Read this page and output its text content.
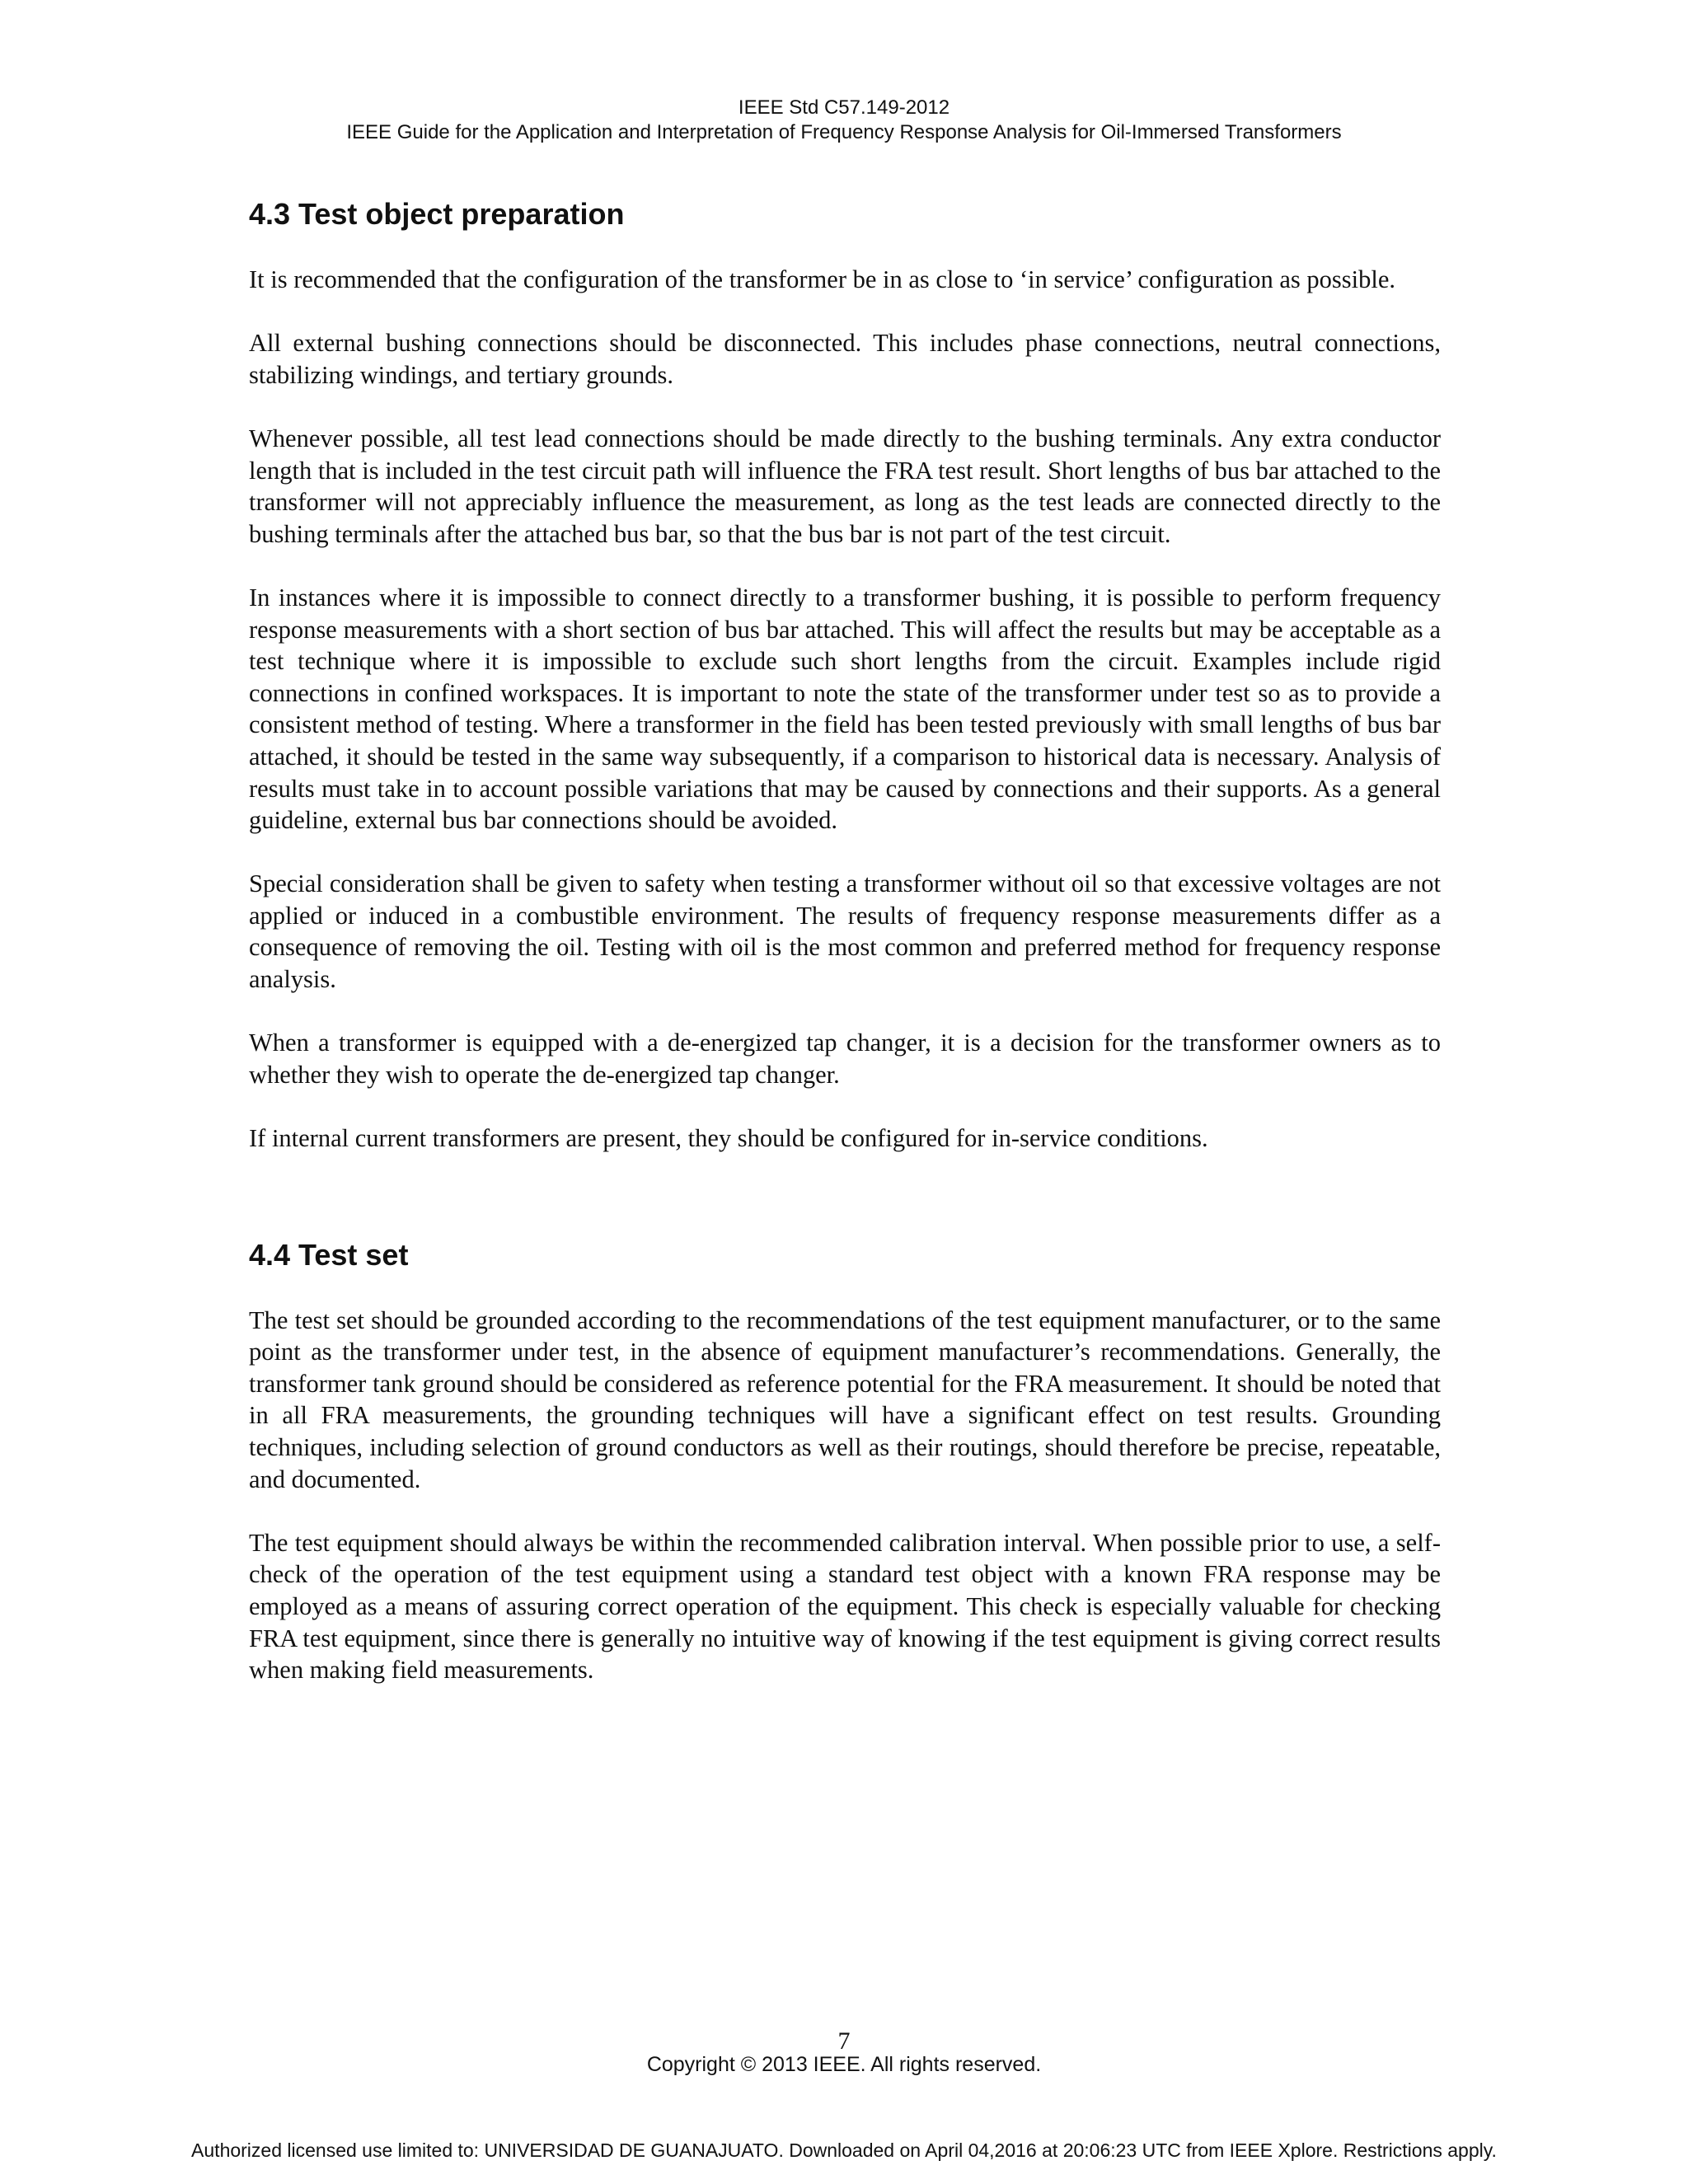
IEEE Std C57.149-2012
IEEE Guide for the Application and Interpretation of Frequency Response Analysis for Oil-Immersed Transformers
4.3 Test object preparation

It is recommended that the configuration of the transformer be in as close to ‘in service’ configuration as possible.

All external bushing connections should be disconnected. This includes phase connections, neutral connections, stabilizing windings, and tertiary grounds.

Whenever possible, all test lead connections should be made directly to the bushing terminals. Any extra conductor length that is included in the test circuit path will influence the FRA test result. Short lengths of bus bar attached to the transformer will not appreciably influence the measurement, as long as the test leads are connected directly to the bushing terminals after the attached bus bar, so that the bus bar is not part of the test circuit.

In instances where it is impossible to connect directly to a transformer bushing, it is possible to perform frequency response measurements with a short section of bus bar attached. This will affect the results but may be acceptable as a test technique where it is impossible to exclude such short lengths from the circuit. Examples include rigid connections in confined workspaces. It is important to note the state of the transformer under test so as to provide a consistent method of testing. Where a transformer in the field has been tested previously with small lengths of bus bar attached, it should be tested in the same way subsequently, if a comparison to historical data is necessary. Analysis of results must take in to account possible variations that may be caused by connections and their supports. As a general guideline, external bus bar connections should be avoided.

Special consideration shall be given to safety when testing a transformer without oil so that excessive voltages are not applied or induced in a combustible environment. The results of frequency response measurements differ as a consequence of removing the oil. Testing with oil is the most common and preferred method for frequency response analysis.

When a transformer is equipped with a de-energized tap changer, it is a decision for the transformer owners as to whether they wish to operate the de-energized tap changer.

If internal current transformers are present, they should be configured for in-service conditions.

4.4 Test set

The test set should be grounded according to the recommendations of the test equipment manufacturer, or to the same point as the transformer under test, in the absence of equipment manufacturer’s recommendations. Generally, the transformer tank ground should be considered as reference potential for the FRA measurement. It should be noted that in all FRA measurements, the grounding techniques will have a significant effect on test results. Grounding techniques, including selection of ground conductors as well as their routings, should therefore be precise, repeatable, and documented.

The test equipment should always be within the recommended calibration interval. When possible prior to use, a self-check of the operation of the test equipment using a standard test object with a known FRA response may be employed as a means of assuring correct operation of the equipment. This check is especially valuable for checking FRA test equipment, since there is generally no intuitive way of knowing if the test equipment is giving correct results when making field measurements.

7
Copyright © 2013 IEEE. All rights reserved.
Authorized licensed use limited to: UNIVERSIDAD DE GUANAJUATO. Downloaded on April 04,2016 at 20:06:23 UTC from IEEE Xplore. Restrictions apply.
